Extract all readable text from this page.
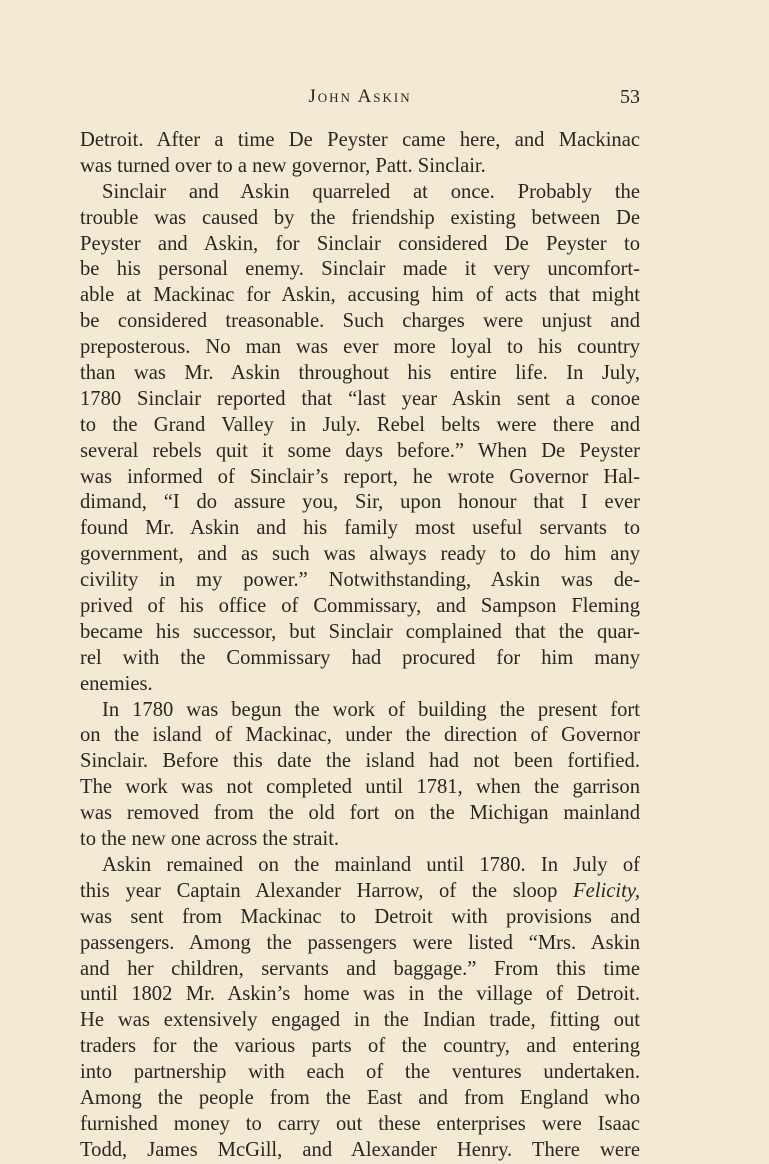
John Askin	53
Detroit. After a time De Peyster came here, and Mackinac
was turned over to a new governor, Patt. Sinclair.
Sinclair and Askin quarreled at once. Probably the
trouble was caused by the friendship existing between De
Peyster and Askin, for Sinclair considered De Peyster to
be his personal enemy. Sinclair made it very uncomfort-
able at Mackinac for Askin, accusing him of acts that might
be considered treasonable. Such charges were unjust and
preposterous. No man was ever more loyal to his country
than was Mr. Askin throughout his entire life. In July,
1780 Sinclair reported that “last year Askin sent a conoe
to the Grand Valley in July. Rebel belts were there and
several rebels quit it some days before.” When De Peyster
was informed of Sinclair’s report, he wrote Governor Hal-
dimand, “I do assure you, Sir, upon honour that I ever
found Mr. Askin and his family most useful servants to
government, and as such was always ready to do him any
civility in my power.” Notwithstanding, Askin was de-
prived of his office of Commissary, and Sampson Fleming
became his successor, but Sinclair complained that the quar-
rel with the Commissary had procured for him many
enemies.
In 1780 was begun the work of building the present fort
on the island of Mackinac, under the direction of Governor
Sinclair. Before this date the island had not been fortified.
The work was not completed until 1781, when the garrison
was removed from the old fort on the Michigan mainland
to the new one across the strait.
Askin remained on the mainland until 1780. In July of
this year Captain Alexander Harrow, of the sloop Felicity,
was sent from Mackinac to Detroit with provisions and
passengers. Among the passengers were listed “Mrs. Askin
and her children, servants and baggage.” From this time
until 1802 Mr. Askin’s home was in the village of Detroit.
He was extensively engaged in the Indian trade, fitting out
traders for the various parts of the country, and entering
into partnership with each of the ventures undertaken.
Among the people from the East and from England who
furnished money to carry out these enterprises were Isaac
Todd, James McGill, and Alexander Henry. There were
